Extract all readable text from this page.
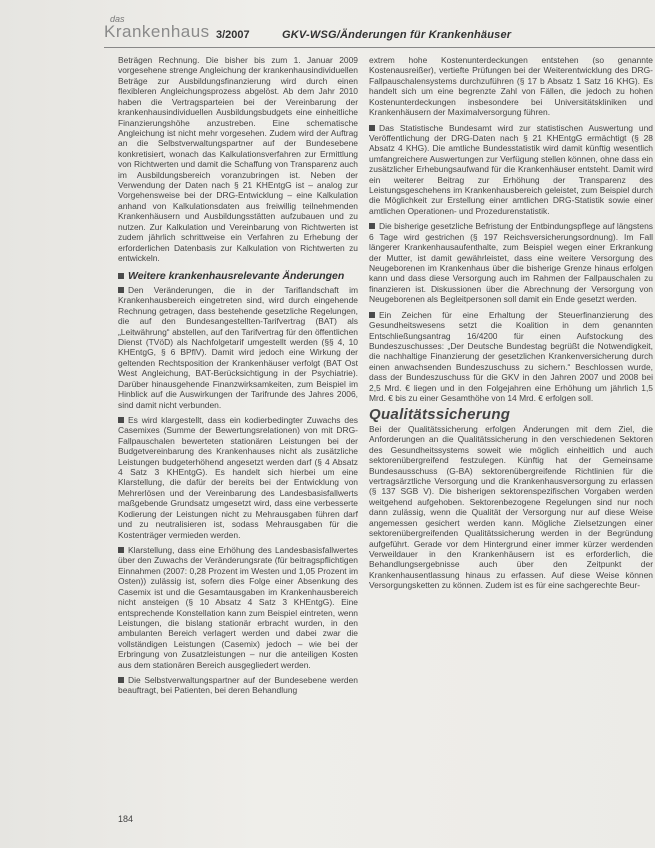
das
Krankenhaus 3/2007	GKV-WSG/Änderungen für Krankenhäuser

Beträgen Rechnung. Die bisher bis zum 1. Januar 2009 vorgesehene strenge Angleichung der krankenhausindividuellen Beträge zur Ausbildungsfinanzierung wird durch einen flexibleren Angleichungsprozess abgelöst. Ab dem Jahr 2010 haben die Vertragsparteien bei der Vereinbarung der krankenhausindividuellen Ausbildungsbudgets eine einheitliche Finanzierungshöhe anzustreben. Eine schematische Angleichung ist nicht mehr vorgesehen. Zudem wird der Auftrag an die Selbstverwaltungspartner auf der Bundesebene konkretisiert, wonach das Kalkulationsverfahren zur Ermittlung von Richtwerten und damit die Schaffung von Transparenz auch im Ausbildungsbereich voranzubringen ist. Neben der Verwendung der Daten nach § 21 KHEntgG ist – analog zur Vorgehensweise bei der DRG-Entwicklung – eine Kalkulation anhand von Kalkulationsdaten aus freiwillig teilnehmenden Krankenhäusern und Ausbildungsstätten aufzubauen und zu nutzen. Zur Kalkulation und Vereinbarung von Richtwerten ist zudem jährlich schrittweise ein Verfahren zu Erhebung der erforderlichen Datenbasis zur Kalkulation von Richtwerten zu entwickeln.

Weitere krankenhausrelevante Änderungen

Den Veränderungen, die in der Tariflandschaft im Krankenhausbereich eingetreten sind, wird durch eingehende Rechnung getragen, dass bestehende gesetzliche Regelungen, die auf den Bundesangestellten-Tarifvertrag (BAT) als „Leitwährung“ abstellen, auf den Tarifvertrag für den öffentlichen Dienst (TVöD) als Nachfolgetarif umgestellt werden (§§ 4, 10 KHEntgG, § 6 BPflV). Damit wird jedoch eine Wirkung der geltenden Rechtsposition der Krankenhäuser verfolgt (BAT Ost West Angleichung, BAT-Berücksichtigung in der Psychiatrie). Darüber hinausgehende Finanzwirksamkeiten, zum Beispiel im Hinblick auf die Auswirkungen der Tarifrunde des Jahres 2006, sind damit nicht verbunden.

Es wird klargestellt, dass ein kodierbedingter Zuwachs des Casemixes (Summe der Bewertungsrelationen) von mit DRG-Fallpauschalen bewerteten stationären Leistungen bei der Budgetvereinbarung des Krankenhauses nicht als zusätzliche Leistungen budgeterhöhend angesetzt werden darf (§ 4 Absatz 4 Satz 3 KHEntgG). Es handelt sich hierbei um eine Klarstellung, die dafür der bereits bei der Entwicklung von Mehrerlösen und der Vereinbarung des Landesbasisfallwerts maßgebende Grundsatz umgesetzt wird, dass eine verbesserte Kodierung der Leistungen nicht zu Mehrausgaben führen darf und zu neutralisieren ist, sodass Mehrausgaben für die Kostenträger vermieden werden.

Klarstellung, dass eine Erhöhung des Landesbasisfallwertes über den Zuwachs der Veränderungsrate (für beitragspflichtigen Einnahmen (2007: 0,28 Prozent im Westen und 1,05 Prozent im Osten)) zulässig ist, sofern dies Folge einer Absenkung des Casemix ist und die Gesamtausgaben im Krankenhausbereich nicht ansteigen (§ 10 Absatz 4 Satz 3 KHEntgG). Eine entsprechende Konstellation kann zum Beispiel eintreten, wenn Leistungen, die bislang stationär erbracht wurden, in den ambulanten Bereich verlagert werden und dabei zwar die vollständigen Leistungen (Casemix) jedoch – wie bei der Erbringung von Zusatzleistungen – nur die anteiligen Kosten aus dem stationären Bereich ausgegliedert werden.

Die Selbstverwaltungspartner auf der Bundesebene werden beauftragt, bei Patienten, bei deren Behandlung

extrem hohe Kostenunterdeckungen entstehen (so genannte Kostenausreißer), vertiefte Prüfungen bei der Weiterentwicklung des DRG-Fallpauschalensystems durchzuführen (§ 17 b Absatz 1 Satz 16 KHG). Es handelt sich um eine begrenzte Zahl von Fällen, die jedoch zu hohen Kostenunterdeckungen insbesondere bei Universitätskliniken und Krankenhäusern der Maximalversorgung führen.

Das Statistische Bundesamt wird zur statistischen Auswertung und Veröffentlichung der DRG-Daten nach § 21 KHEntgG ermächtigt (§ 28 Absatz 4 KHG). Die amtliche Bundesstatistik wird damit künftig wesentlich umfangreichere Auswertungen zur Verfügung stellen können, ohne dass ein zusätzlicher Erhebungsaufwand für die Krankenhäuser entsteht. Damit wird ein weiterer Beitrag zur Erhöhung der Transparenz des Leistungsgeschehens im Krankenhausbereich geleistet, zum Beispiel durch die Möglichkeit zur Erstellung einer amtlichen DRG-Statistik sowie einer amtlichen Operationen- und Prozedurenstatistik.

Die bisherige gesetzliche Befristung der Entbindungspflege auf längstens 6 Tage wird gestrichen (§ 197 Reichsversicherungsordnung). Im Fall längerer Krankenhausaufenthalte, zum Beispiel wegen einer Erkrankung der Mutter, ist damit gewährleistet, dass eine weitere Versorgung des Neugeborenen im Krankenhaus über die bisherige Grenze hinaus erfolgen kann und dass diese Versorgung auch im Rahmen der Fallpauschalen zu finanzieren ist. Diskussionen über die Abrechnung der Versorgung von Neugeborenen als Begleitpersonen soll damit ein Ende gesetzt werden.

Ein Zeichen für eine Erhaltung der Steuerfinanzierung des Gesundheitswesens setzt die Koalition in dem genannten Entschließungsantrag 16/4200 für einen Aufstockung des Bundeszuschusses: „Der Deutsche Bundestag begrüßt die Notwendigkeit, die nachhaltige Finanzierung der gesetzlichen Krankenversicherung durch einen anwachsenden Bundeszuschuss zu sichern.“ Beschlossen wurde, dass der Bundeszuschuss für die GKV in den Jahren 2007 und 2008 bei 2,5 Mrd. € liegen und in den Folgejahren eine Erhöhung um jährlich 1,5 Mrd. € bis zu einer Gesamthöhe von 14 Mrd. € erfolgen soll.

Qualitätssicherung

Bei der Qualitätssicherung erfolgen Änderungen mit dem Ziel, die Anforderungen an die Qualitätssicherung in den verschiedenen Sektoren des Gesundheitssystems soweit wie möglich einheitlich und auch sektorenübergreifend festzulegen. Künftig hat der Gemeinsame Bundesausschuss (G-BA) sektorenübergreifende Richtlinien für die vertragsärztliche Versorgung und die Krankenhausversorgung zu erlassen (§ 137 SGB V). Die bisherigen sektorenspezifischen Vorgaben werden weitgehend aufgehoben. Sektorenbezogene Regelungen sind nur noch dann zulässig, wenn die Qualität der Versorgung nur auf diese Weise angemessen gesichert werden kann. Mögliche Zielsetzungen einer sektorenübergreifenden Qualitätssicherung werden in der Begründung aufgeführt. Gerade vor dem Hintergrund einer immer kürzer werdenden Verweildauer in den Krankenhäusern ist es erforderlich, die Behandlungsergebnisse auch über den Zeitpunkt der Krankenhausentlassung hinaus zu erfassen. Auf diese Weise können Versorgungsketten zu können. Zudem ist es für eine sachgerechte Beur-

184
